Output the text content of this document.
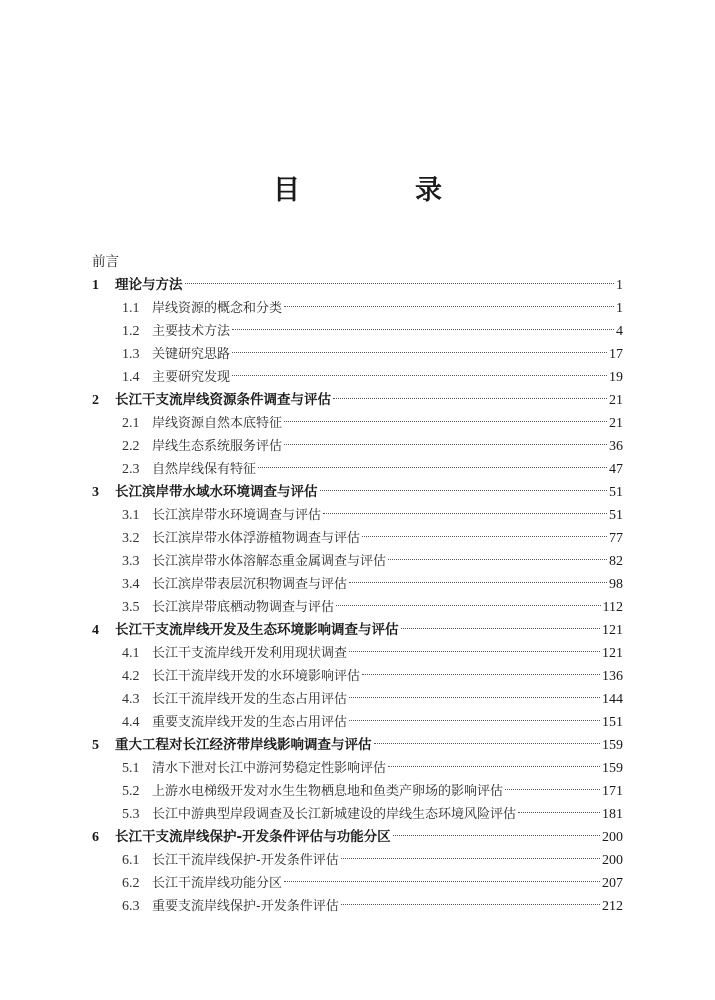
目　录
前言
1	理论与方法	1
1.1 岸线资源的概念和分类	1
1.2 主要技术方法	4
1.3 关键研究思路	17
1.4 主要研究发现	19
2	长江干支流岸线资源条件调查与评估	21
2.1 岸线资源自然本底特征	21
2.2 岸线生态系统服务评估	36
2.3 自然岸线保有特征	47
3	长江滨岸带水域水环境调查与评估	51
3.1 长江滨岸带水环境调查与评估	51
3.2 长江滨岸带水体浮游植物调查与评估	77
3.3 长江滨岸带水体溶解态重金属调查与评估	82
3.4 长江滨岸带表层沉积物调查与评估	98
3.5 长江滨岸带底栖动物调查与评估	112
4	长江干支流岸线开发及生态环境影响调查与评估	121
4.1 长江干支流岸线开发利用现状调查	121
4.2 长江干流岸线开发的水环境影响评估	136
4.3 长江干流岸线开发的生态占用评估	144
4.4 重要支流岸线开发的生态占用评估	151
5	重大工程对长江经济带岸线影响调查与评估	159
5.1 清水下泄对长江中游河势稳定性影响评估	159
5.2 上游水电梯级开发对水生生物栖息地和鱼类产卵场的影响评估	171
5.3 长江中游典型岸段调查及长江新城建设的岸线生态环境风险评估	181
6	长江干支流岸线保护-开发条件评估与功能分区	200
6.1 长江干流岸线保护-开发条件评估	200
6.2 长江干流岸线功能分区	207
6.3 重要支流岸线保护-开发条件评估	212
